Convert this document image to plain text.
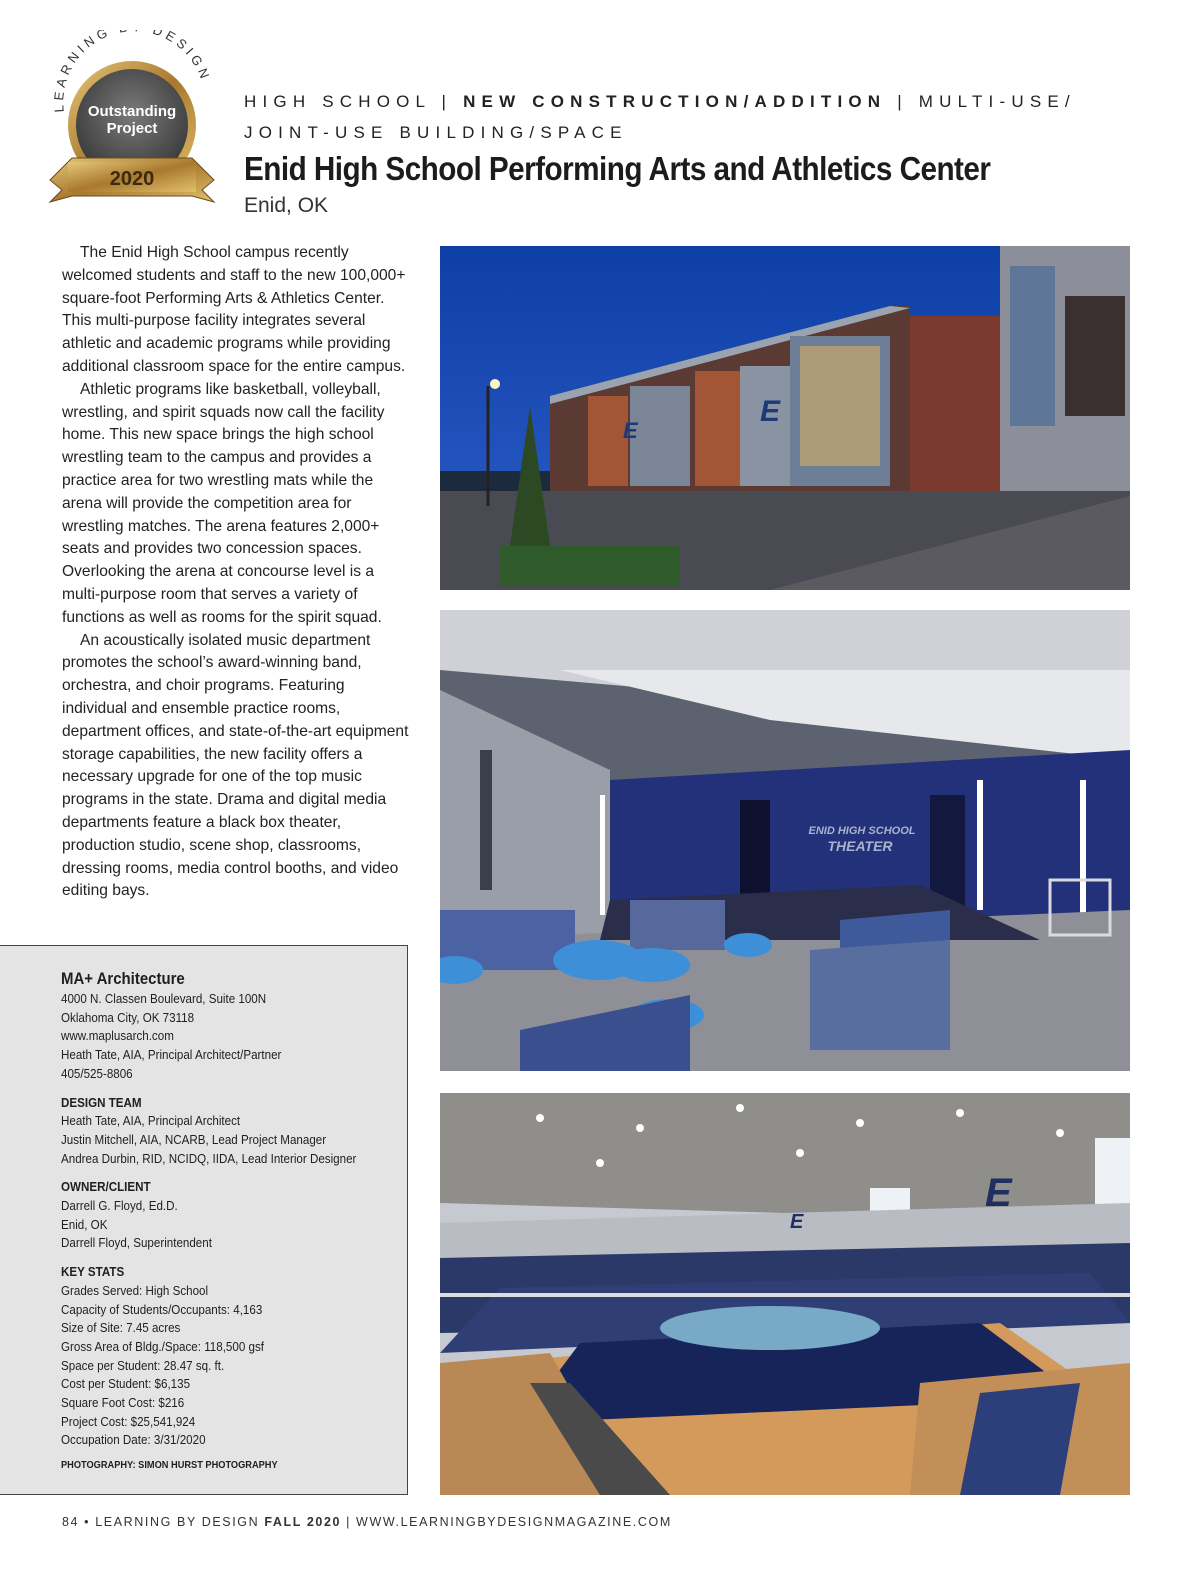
LEARNING DESIGN
Outstanding
Project
2020
HIGH SCHOOL | NEW CONSTRUCTION/ADDITION | MULTI-USE/
JOINT-USE BUILDING/SPACE
Enid High School Performing Arts and Athletics Center
Enid, OK

The Enid High School campus recently welcomed students and staff to the new 100,000+ square-foot Performing Arts & Athletics Center. This multi-purpose facility integrates several athletic and academic programs while providing additional classroom space for the entire campus.

Athletic programs like basketball, volleyball, wrestling, and spirit squads now call the facility home. This new space brings the high school wrestling team to the campus and provides a practice area for two wrestling mats while the arena will provide the competition area for wrestling matches. The arena features 2,000+ seats and provides two concession spaces. Overlooking the arena at concourse level is a multi-purpose room that serves a variety of functions as well as rooms for the spirit squad.

An acoustically isolated music department promotes the school’s award-winning band, orchestra, and choir programs. Featuring individual and ensemble practice rooms, department offices, and state-of-the-art equipment storage capabilities, the new facility offers a necessary upgrade for one of the top music programs in the state. Drama and digital media departments feature a black box theater, production studio, scene shop, classrooms, dressing rooms, media control booths, and video editing bays.

MA+ Architecture
4000 N. Classen Boulevard, Suite 100N
Oklahoma City, OK 73118
www.maplusarch.com
Heath Tate, AIA, Principal Architect/Partner
405/525-8806
DESIGN TEAM
Heath Tate, AIA, Principal Architect
Justin Mitchell, AIA, NCARB, Lead Project Manager
Andrea Durbin, RID, NCIDQ, IIDA, Lead Interior Designer
OWNER/CLIENT
Darrell G. Floyd, Ed.D.
Enid, OK
Darrell Floyd, Superintendent
KEY STATS
Grades Served: High School
Capacity of Students/Occupants: 4,163
Size of Site: 7.45 acres
Gross Area of Bldg./Space: 118,500 gsf
Space per Student: 28.47 sq. ft.
Cost per Student: $6,135
Square Foot Cost: $216
Project Cost: $25,541,924
Occupation Date: 3/31/2020
PHOTOGRAPHY: SIMON HURST PHOTOGRAPHY
E
E
ENID HIGH SCHOOL
THEATER
E
E
84 • LEARNING BY DESIGN FALL 2020 | WWW.LEARNINGBYDESIGNMAGAZINE.COM
